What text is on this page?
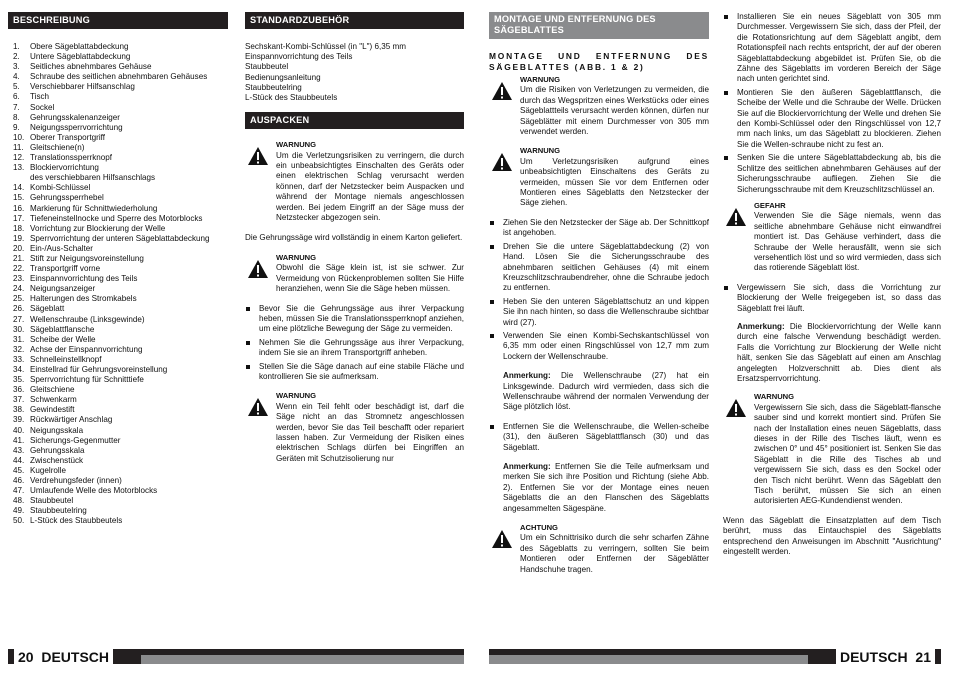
BESCHREIBUNG
1.	Obere Sägeblattabdeckung
2.	Untere Sägeblattabdeckung
3.	Seitliches abnehmbares Gehäuse
4.	Schraube des seitlichen abnehmbaren Gehäuses
5.	Verschiebbarer Hilfsanschlag
6.	Tisch
7.	Sockel
8.	Gehrungsskalenanzeiger
9.	Neigungssperrvorrichtung
10. Oberer Transportgriff
11. Gleitschiene(n)
12. Translationssperrknopf
13. Blockiervorrichtung
des verschiebbaren Hilfsanschlags
14. Kombi-Schlüssel
15. Gehrungssperrhebel
16. Markierung für Schnittwiederholung
17. Tiefeneinstellnocke und Sperre des Motorblocks
18. Vorrichtung zur Blockierung der Welle
19. Sperrvorrichtung der unteren Sägeblattabdeckung
20. Ein-/Aus-Schalter
21. Stift zur Neigungsvoreinstellung
22. Transportgriff vorne
23. Einspannvorrichtung des Teils
24. Neigungsanzeiger
25. Halterungen des Stromkabels
26. Sägeblatt
27. Wellenschraube (Linksgewinde)
30. Sägeblattflansche
31. Scheibe der Welle
32. Achse der Einspannvorrichtung
33. Schnelleinstellknopf
34. Einstellrad für Gehrungsvoreinstellung
35. Sperrvorrichtung für Schnitttiefe
36. Gleitschiene
37. Schwenkarm
38. Gewindestift
39. Rückwärtiger Anschlag
40. Neigungsskala
41. Sicherungs-Gegenmutter
43. Gehrungsskala
44. Zwischenstück
45. Kugelrolle
46. Verdrehungsfeder (innen)
47. Umlaufende Welle des Motorblocks
48. Staubbeutel
49. Staubbeutelring
50. L-Stück des Staubbeutels
STANDARDZUBEHÖR
Sechskant-Kombi-Schlüssel (in "L") 6,35 mm
Einspannvorrichtung des Teils
Staubbeutel
Bedienungsanleitung
Staubbeutelring
L-Stück des Staubbeutels
AUSPACKEN
WARNUNG
Um die Verletzungsrisiken zu verringern, die durch ein unbeabsichtigtes Einschalten des Geräts oder einen elektrischen Schlag verursacht werden können, darf der Netzstecker beim Auspacken und während der Montage niemals angeschlossen werden. Bei jedem Eingriff an der Säge muss der Netzstecker abgezogen sein.
Die Gehrungssäge wird vollständig in einem Karton geliefert.
WARNUNG
Obwohl die Säge klein ist, ist sie schwer. Zur Vermeidung von Rückenproblemen sollten Sie Hilfe heranziehen, wenn Sie die Säge heben müssen.
Bevor Sie die Gehrungssäge aus ihrer Verpackung heben, müssen Sie die Translationssperrknopf anziehen, um eine plötzliche Bewegung der Säge zu vermeiden.
Nehmen Sie die Gehrungssäge aus ihrer Verpackung, indem Sie sie an ihrem Transportgriff anheben.
Stellen Sie die Säge danach auf eine stabile Fläche und kontrollieren Sie sie aufmerksam.
WARNUNG
Wenn ein Teil fehlt oder beschädigt ist, darf die Säge nicht an das Stromnetz angeschlossen werden, bevor Sie das Teil beschafft oder repariert lassen haben. Zur Vermeidung der Risiken eines elektrischen Schlags dürfen bei Eingriffen an Geräten mit Schutzisolierung nur
MONTAGE UND ENTFERNUNG DES SÄGEBLATTES
MONTAGE UND ENTFERNUNG DES SÄGEBLATTES (ABB. 1 & 2)
WARNUNG
Um die Risiken von Verletzungen zu vermeiden, die durch das Wegspritzen eines Werkstücks oder eines Sägeblattteils verursacht werden können, dürfen nur Sägeblätter mit einem Durchmesser von 305 mm verwendet werden.
WARNUNG
Um Verletzungsrisiken aufgrund eines unbeabsichtigten Einschaltens des Geräts zu vermeiden, müssen Sie vor dem Entfernen oder Montieren eines Sägeblatts den Netzstecker der Säge ziehen.
Ziehen Sie den Netzstecker der Säge ab. Der Schnittkopf ist angehoben.
Drehen Sie die untere Sägeblattabdeckung (2) von Hand. Lösen Sie die Sicherungsschraube des abnehmbaren seitlichen Gehäuses (4) mit einem Kreuzschlitzschraubendreher, ohne die Schraube jedoch zu entfernen.
Heben Sie den unteren Sägeblattschutz an und kippen Sie ihn nach hinten, so dass die Wellenschraube sichtbar wird (27).
Verwenden Sie einen Kombi-Sechskantschlüssel von 6,35 mm oder einen Ringschlüssel von 12,7 mm zum Lockern der Wellenschraube.
Anmerkung: Die Wellenschraube (27) hat ein Linksgewinde. Dadurch wird vermieden, dass sich die Wellenschraube während der normalen Verwendung der Säge plötzlich löst.
Entfernen Sie die Wellenschraube, die Wellen-scheibe (31), den äußeren Sägeblattflansch (30) und das Sägeblatt.
Anmerkung: Entfernen Sie die Teile aufmerksam und merken Sie sich ihre Position und Richtung (siehe Abb. 2). Entfernen Sie vor der Montage eines neuen Sägeblatts die an den Flanschen des Sägeblatts angesammelten Sägespäne.
ACHTUNG
Um ein Schnittrisiko durch die sehr scharfen Zähne des Sägeblatts zu verringern, sollten Sie beim Montieren oder Entfernen der Sägeblätter Handschuhe tragen.
Installieren Sie ein neues Sägeblatt von 305 mm Durchmesser. Vergewissern Sie sich, dass der Pfeil, der die Rotationsrichtung auf dem Sägeblatt angibt, dem Rotationspfeil nach rechts entspricht, der auf der oberen Sägeblattabdeckung abgebildet ist. Prüfen Sie, ob die Zähne des Sägeblatts im vorderen Bereich der Säge nach unten gerichtet sind.
Montieren Sie den äußeren Sägeblattflansch, die Scheibe der Welle und die Schraube der Welle. Drücken Sie auf die Blockiervorrichtung der Welle und drehen Sie den Kombi-Schlüssel oder den Ringschlüssel von 12,7 mm nach links, um das Sägeblatt zu blockieren. Ziehen Sie die Wellen-schraube nicht zu fest an.
Senken Sie die untere Sägeblattabdeckung ab, bis die Schlitze des seitlichen abnehmbaren Gehäuses auf der Sicherungsschraube aufliegen. Ziehen Sie die Sicherungsschraube mit dem Kreuzschlitzschlüssel an.
GEFAHR
Verwenden Sie die Säge niemals, wenn das seitliche abnehmbare Gehäuse nicht einwandfrei montiert ist. Das Gehäuse verhindert, dass die Schraube der Welle herausfällt, wenn sie sich versehentlich löst und so wird vermieden, dass sich das rotierende Sägeblatt löst.
Vergewissern Sie sich, dass die Vorrichtung zur Blockierung der Welle freigegeben ist, so dass das Sägeblatt frei läuft.
Anmerkung: Die Blockiervorrichtung der Welle kann durch eine falsche Verwendung beschädigt werden. Falls die Vorrichtung zur Blockierung der Welle nicht hält, senken Sie das Sägeblatt auf einen am Anschlag angelegten Holzverschnitt ab. Dies dient als Ersatzsperrvorrichtung.
WARNUNG
Vergewissern Sie sich, dass die Sägeblatt-flansche sauber sind und korrekt montiert sind. Prüfen Sie nach der Installation eines neuen Sägeblatts, dass dieses in der Rille des Tisches läuft, wenn es zwischen 0° und 45° positioniert ist. Senken Sie das Sägeblatt in die Rille des Tisches ab und vergewissern Sie sich, dass es den Sockel oder den Tisch nicht berührt. Wenn das Sägeblatt den Tisch berührt, müssen Sie sich an einen autorisierten AEG-Kundendienst wenden.
Wenn das Sägeblatt die Einsatzplatten auf dem Tisch berührt, muss das Eintauchspiel des Sägeblatts entsprechend den Anweisungen im Abschnitt "Ausrichtung" eingestellt werden.
20 DEUTSCH	DEUTSCH 21
